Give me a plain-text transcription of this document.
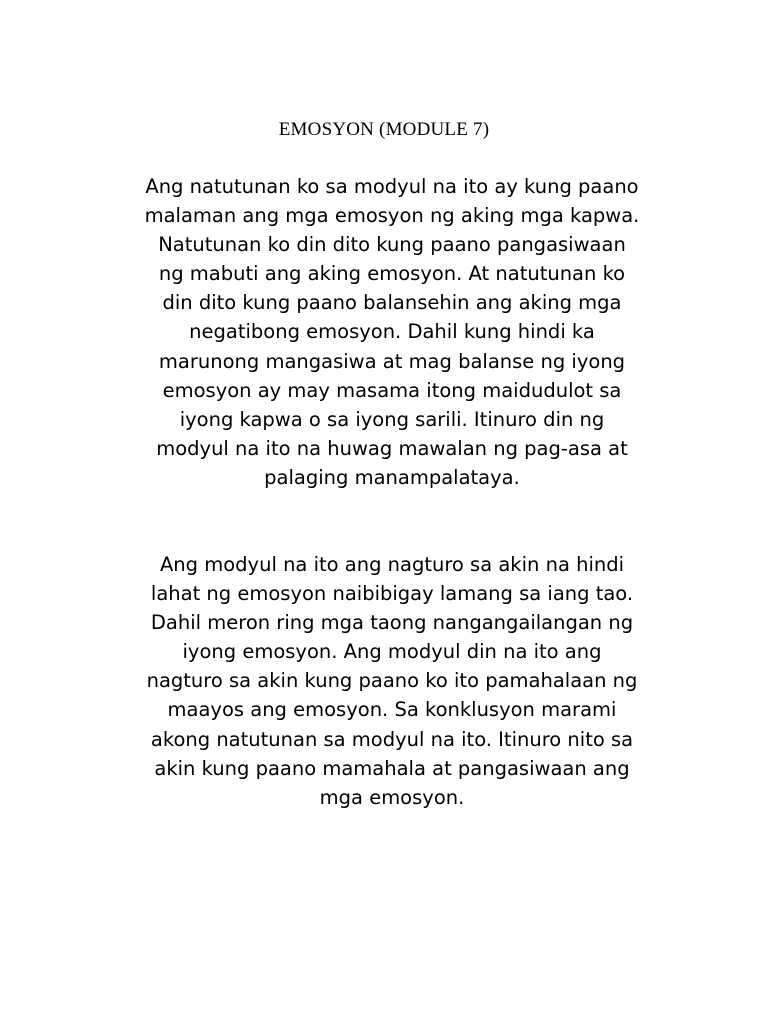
EMOSYON (MODULE 7)

Ang natutunan ko sa modyul na ito ay kung paano
malaman ang mga emosyon ng aking mga kapwa.
Natutunan ko din dito kung paano pangasiwaan
ng mabuti ang aking emosyon. At natutunan ko
din dito kung paano balansehin ang aking mga
negatibong emosyon. Dahil kung hindi ka
marunong mangasiwa at mag balanse ng iyong
emosyon ay may masama itong maidudulot sa
iyong kapwa o sa iyong sarili. Itinuro din ng
modyul na ito na huwag mawalan ng pag-asa at
palaging manampalataya.

Ang modyul na ito ang nagturo sa akin na hindi
lahat ng emosyon naibibigay lamang sa iang tao.
Dahil meron ring mga taong nangangailangan ng
iyong emosyon. Ang modyul din na ito ang
nagturo sa akin kung paano ko ito pamahalaan ng
maayos ang emosyon. Sa konklusyon marami
akong natutunan sa modyul na ito. Itinuro nito sa
akin kung paano mamahala at pangasiwaan ang
mga emosyon.
